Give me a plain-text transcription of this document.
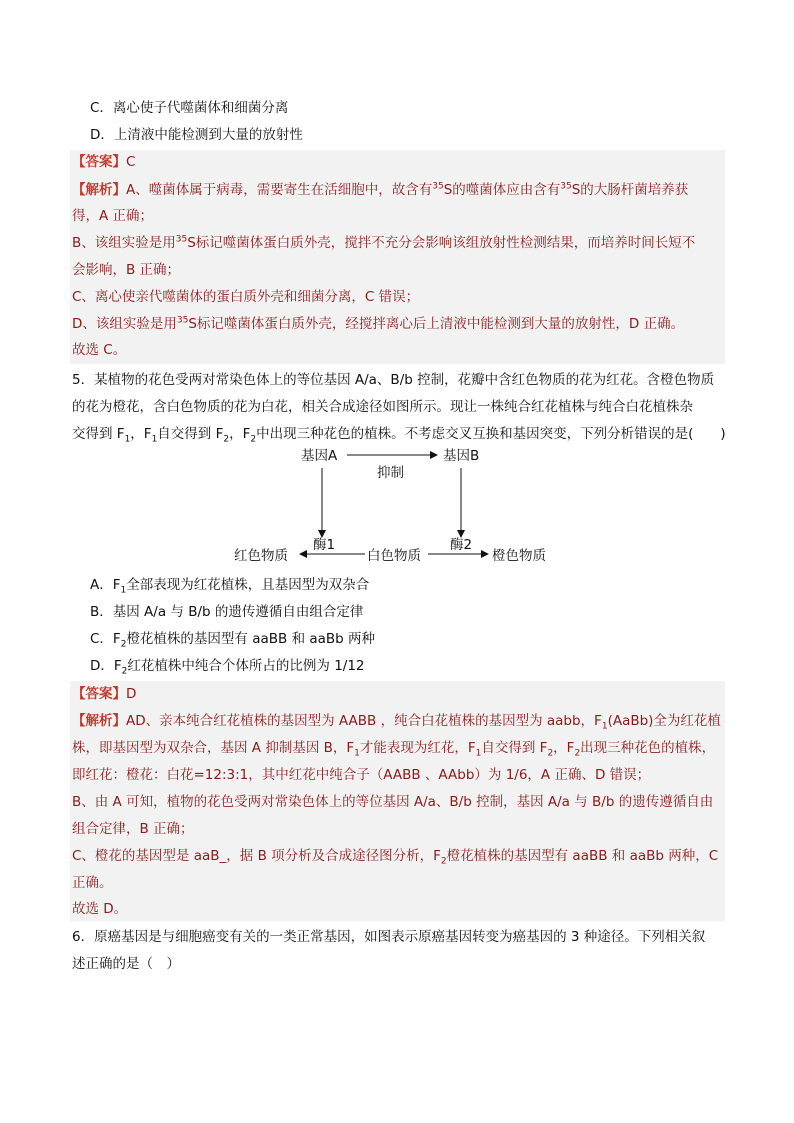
C．离心使子代噬菌体和细菌分离
D．上清液中能检测到大量的放射性
【答案】C
【解析】A、噬菌体属于病毒，需要寄生在活细胞中，故含有$^{35}$S的噬菌体应由含有$^{35}$S的大肠杆菌培养获
得，A 正确；
B、该组实验是用$^{35}$S标记噬菌体蛋白质外壳，搅拌不充分会影响该组放射性检测结果，而培养时间长短不
会影响，B 正确；
C、离心使亲代噬菌体的蛋白质外壳和细菌分离，C 错误；
D、该组实验是用$^{35}$S标记噬菌体蛋白质外壳，经搅拌离心后上清液中能检测到大量的放射性，D 正确。
故选 C。
5．某植物的花色受两对常染色体上的等位基因 A/a、B/b 控制，花瓣中含红色物质的花为红花。含橙色物质
的花为橙花，含白色物质的花为白花，相关合成途径如图所示。现让一株纯合红花植株与纯合白花植株杂
交得到 $F_1$，$F_1$自交得到 $F_2$，$F_2$中出现三种花色的植株。不考虑交叉互换和基因突变，下列分析错误的是(　　)
基因A	基因B
抑制
红色物质	白色物质	橙色物质
酶1	酶2
A．$F_1$全部表现为红花植株，且基因型为双杂合
B．基因 A/a 与 B/b 的遗传遵循自由组合定律
C．$F_2$橙花植株的基因型有 aaBB 和 aaBb 两种
D．$F_2$红花植株中纯合个体所占的比例为 1/12
【答案】D
【解析】AD、亲本纯合红花植株的基因型为 AABB ，纯合白花植株的基因型为 aabb，$F_1(AaBb)$全为红花植
株，即基因型为双杂合，基因 A 抑制基因 B，$F_1$才能表现为红花，$F_1$自交得到 $F_2$，$F_2$出现三种花色的植株，
即红花：橙花：白花=12:3:1，其中红花中纯合子（AABB 、AAbb）为 1/6，A 正确、D 错误；
B、由 A 可知，植物的花色受两对常染色体上的等位基因 A/a、B/b 控制，基因 A/a 与 B/b 的遗传遵循自由
组合定律，B 正确；
C、橙花的基因型是 aaB_，据 B 项分析及合成途径图分析，$F_2$橙花植株的基因型有 aaBB 和 aaBb 两种，C
正确。
故选 D。
6．原癌基因是与细胞癌变有关的一类正常基因，如图表示原癌基因转变为癌基因的 3 种途径。下列相关叙
述正确的是（　）
